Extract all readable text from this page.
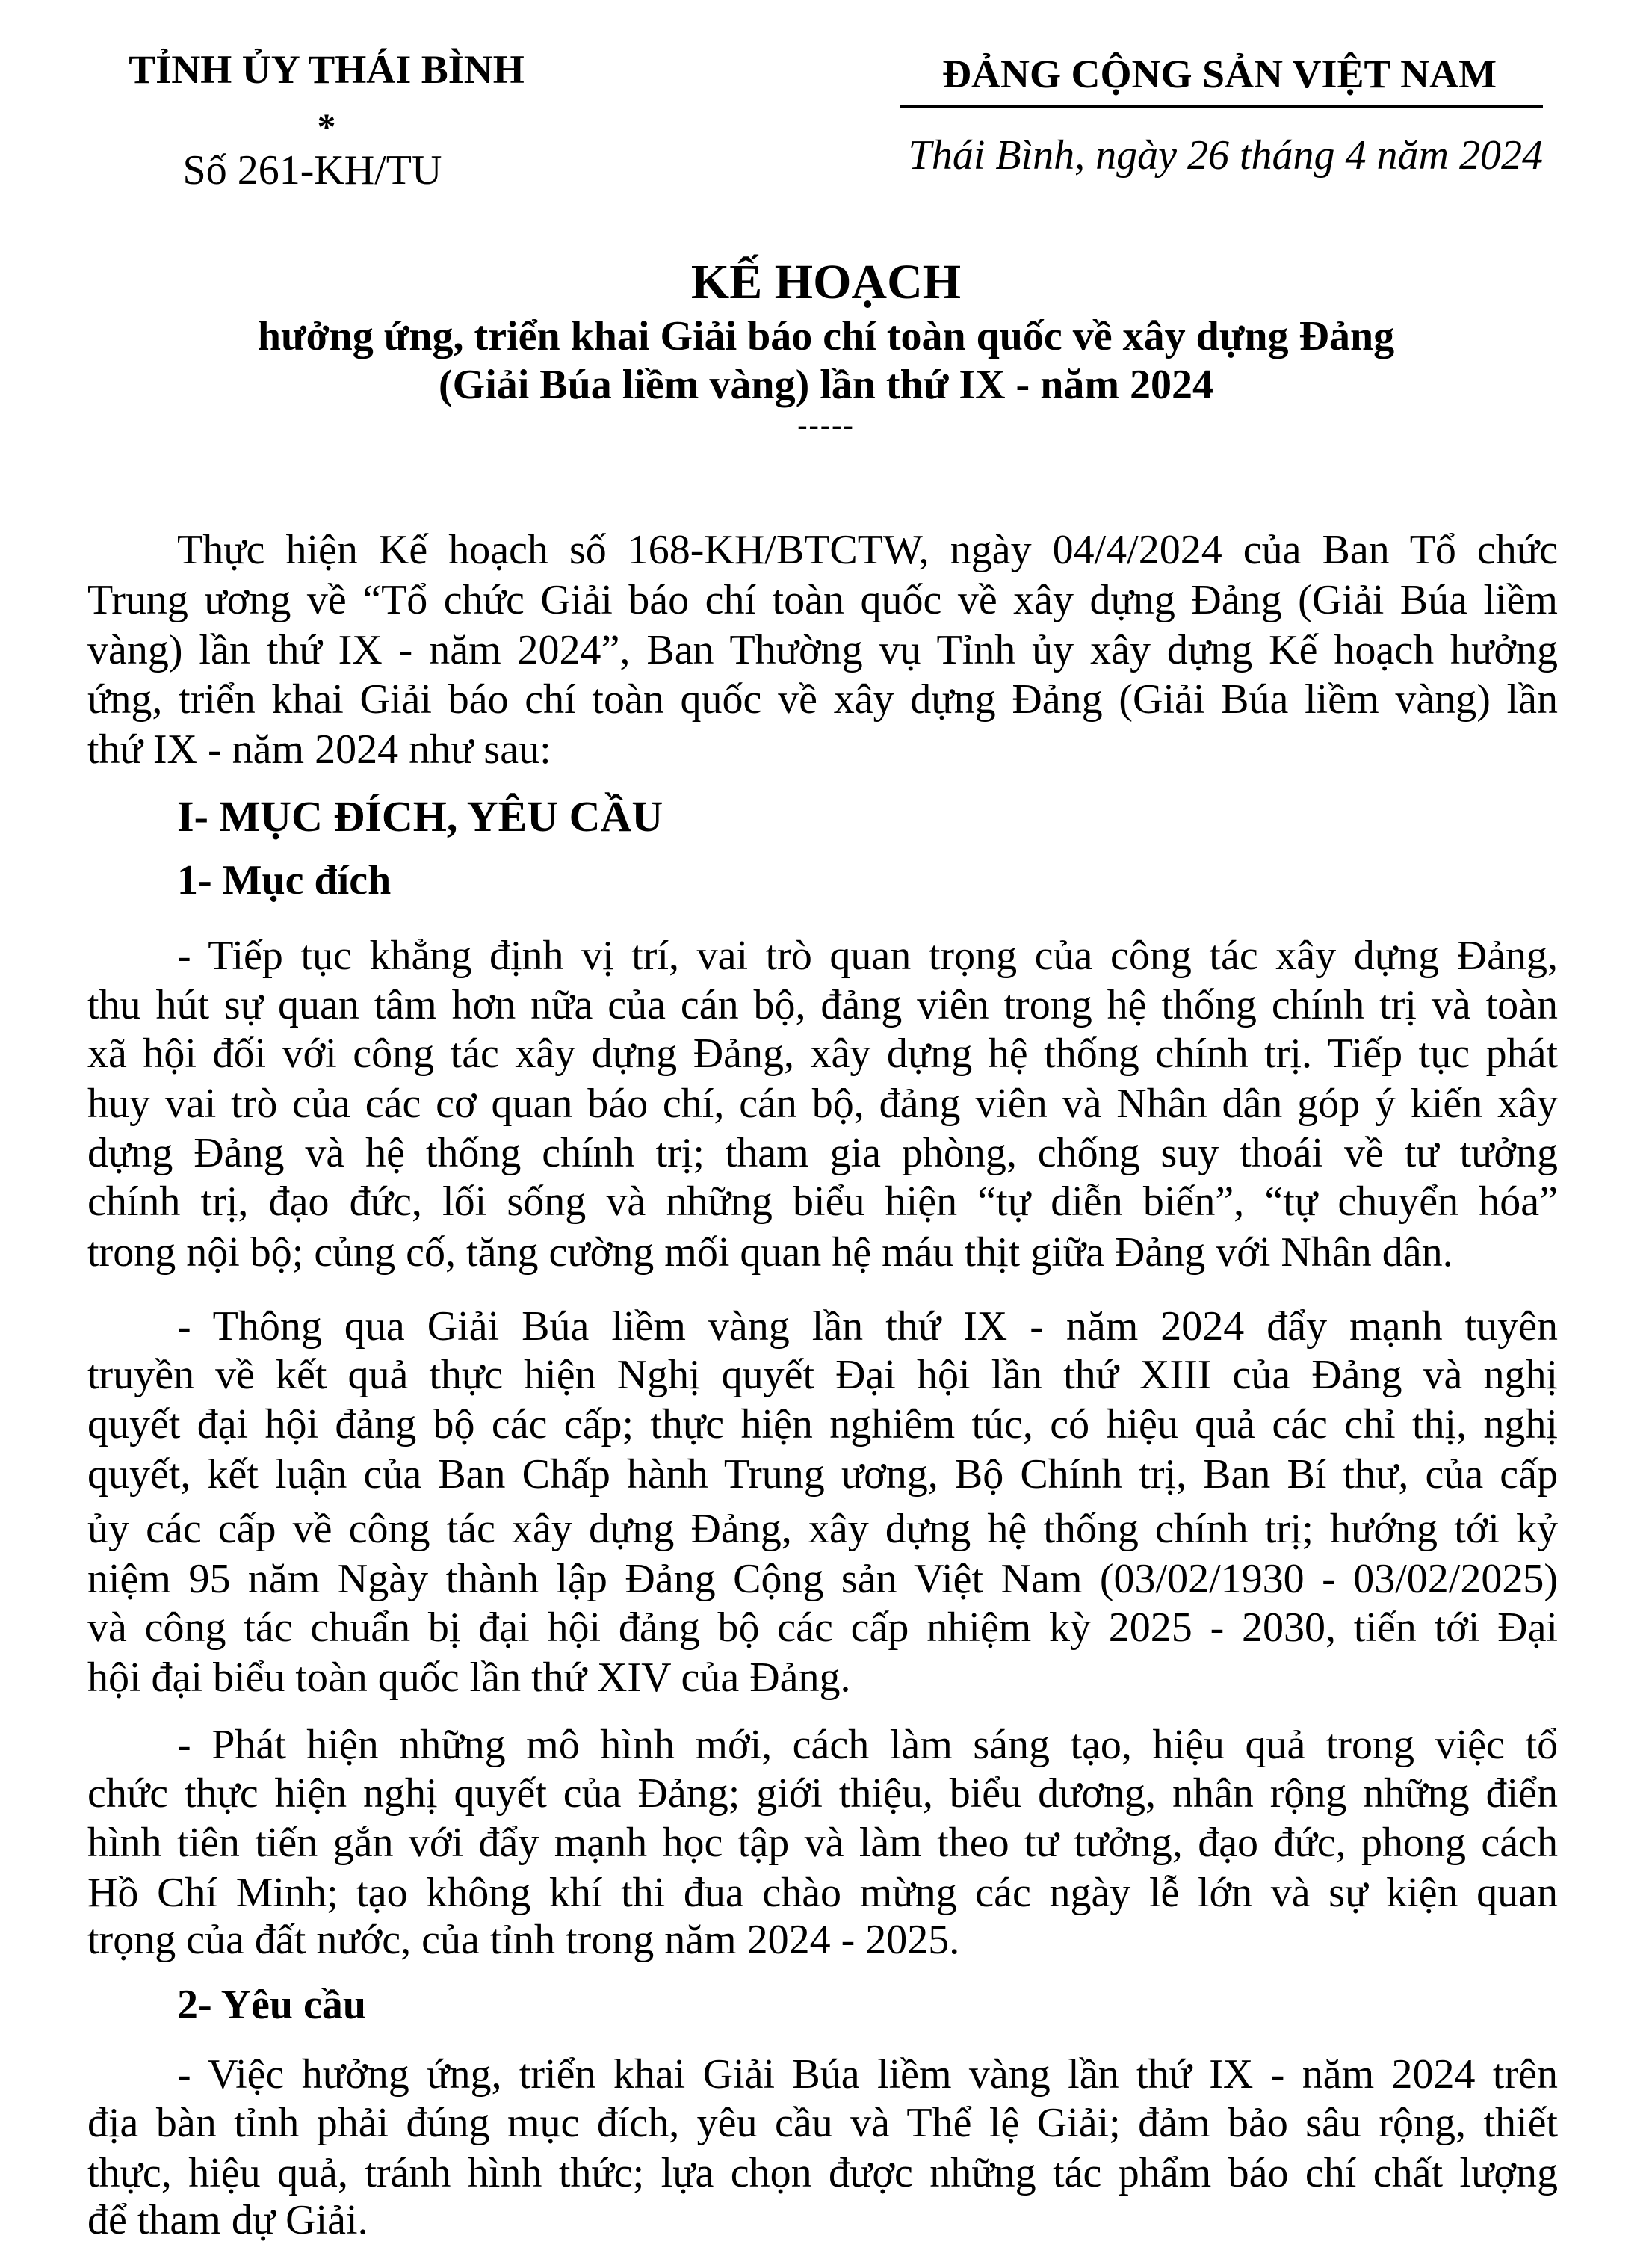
TỈNH ỦY THÁI BÌNH
*
Số 261-KH/TU
ĐẢNG CỘNG SẢN VIỆT NAM
Thái Bình, ngày 26 tháng 4 năm 2024
KẾ HOẠCH
hưởng ứng, triển khai Giải báo chí toàn quốc về xây dựng Đảng
(Giải Búa liềm vàng) lần thứ IX - năm 2024
-----
Thực hiện Kế hoạch số 168-KH/BTCTW, ngày 04/4/2024 của Ban Tổ chức
Trung ương về “Tổ chức Giải báo chí toàn quốc về xây dựng Đảng (Giải Búa liềm
vàng) lần thứ IX - năm 2024”, Ban Thường vụ Tỉnh ủy xây dựng Kế hoạch hưởng
ứng, triển khai Giải báo chí toàn quốc về xây dựng Đảng (Giải Búa liềm vàng) lần
thứ IX - năm 2024 như sau:
I- MỤC ĐÍCH, YÊU CẦU
1- Mục đích
- Tiếp tục khẳng định vị trí, vai trò quan trọng của công tác xây dựng Đảng,
thu hút sự quan tâm hơn nữa của cán bộ, đảng viên trong hệ thống chính trị và toàn
xã hội đối với công tác xây dựng Đảng, xây dựng hệ thống chính trị. Tiếp tục phát
huy vai trò của các cơ quan báo chí, cán bộ, đảng viên và Nhân dân góp ý kiến xây
dựng Đảng và hệ thống chính trị; tham gia phòng, chống suy thoái về tư tưởng
chính trị, đạo đức, lối sống và những biểu hiện “tự diễn biến”, “tự chuyển hóa”
trong nội bộ; củng cố, tăng cường mối quan hệ máu thịt giữa Đảng với Nhân dân.
- Thông qua Giải Búa liềm vàng lần thứ IX - năm 2024 đẩy mạnh tuyên
truyền về kết quả thực hiện Nghị quyết Đại hội lần thứ XIII của Đảng và nghị
quyết đại hội đảng bộ các cấp; thực hiện nghiêm túc, có hiệu quả các chỉ thị, nghị
quyết, kết luận của Ban Chấp hành Trung ương, Bộ Chính trị, Ban Bí thư, của cấp
ủy các cấp về công tác xây dựng Đảng, xây dựng hệ thống chính trị; hướng tới kỷ
niệm 95 năm Ngày thành lập Đảng Cộng sản Việt Nam (03/02/1930 - 03/02/2025)
và công tác chuẩn bị đại hội đảng bộ các cấp nhiệm kỳ 2025 - 2030, tiến tới Đại
hội đại biểu toàn quốc lần thứ XIV của Đảng.
- Phát hiện những mô hình mới, cách làm sáng tạo, hiệu quả trong việc tổ
chức thực hiện nghị quyết của Đảng; giới thiệu, biểu dương, nhân rộng những điển
hình tiên tiến gắn với đẩy mạnh học tập và làm theo tư tưởng, đạo đức, phong cách
Hồ Chí Minh; tạo không khí thi đua chào mừng các ngày lễ lớn và sự kiện quan
trọng của đất nước, của tỉnh trong năm 2024 - 2025.
2- Yêu cầu
- Việc hưởng ứng, triển khai Giải Búa liềm vàng lần thứ IX - năm 2024 trên
địa bàn tỉnh phải đúng mục đích, yêu cầu và Thể lệ Giải; đảm bảo sâu rộng, thiết
thực, hiệu quả, tránh hình thức; lựa chọn được những tác phẩm báo chí chất lượng
để tham dự Giải.
